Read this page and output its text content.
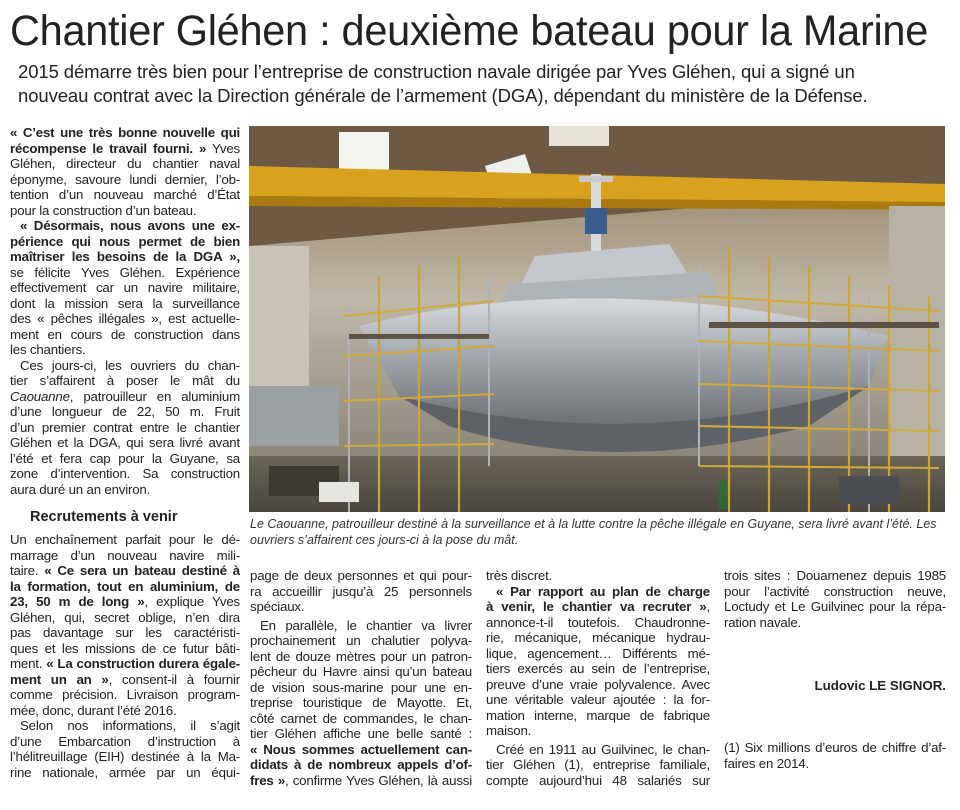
Chantier Gléhen : deuxième bateau pour la Marine
2015 démarre très bien pour l’entreprise de construction navale dirigée par Yves Gléhen, qui a signé un
nouveau contrat avec la Direction générale de l’armement (DGA), dépendant du ministère de la Défense.
« C’est une très bonne nouvelle qui
récompense le travail fourni. » Yves
Gléhen, directeur du chantier naval
éponyme, savoure lundi dernier, l’ob-
tention d’un nouveau marché d’État
pour la construction d’un bateau.
« Désormais, nous avons une ex-
périence qui nous permet de bien
maîtriser les besoins de la DGA »,
se félicite Yves Gléhen. Expérience
effectivement car un navire militaire,
dont la mission sera la surveillance
des « pêches illégales », est actuelle-
ment en cours de construction dans
les chantiers.
Ces jours-ci, les ouvriers du chan-
tier s’affairent à poser le mât du
Caouanne, patrouilleur en aluminium
d’une longueur de 22, 50 m. Fruit
d’un premier contrat entre le chantier
Gléhen et la DGA, qui sera livré avant
l’été et fera cap pour la Guyane, sa
zone d’intervention. Sa construction
aura duré un an environ.
Recrutements à venir
Un enchaînement parfait pour le dé-
marrage d’un nouveau navire mili-
taire. « Ce sera un bateau destiné à
la formation, tout en aluminium, de
23, 50 m de long », explique Yves
Gléhen, qui, secret oblige, n’en dira
pas davantage sur les caractéristi-
ques et les missions de ce futur bâti-
ment. « La construction durera égale-
ment un an », consent-il à fournir
comme précision. Livraison program-
mée, donc, durant l’été 2016.
Selon nos informations, il s’agit
d’une Embarcation d’instruction à
l’hélitreuillage (EIH) destinée à la Ma-
rine nationale, armée par un équi-
Le Caouanne, patrouilleur destiné à la surveillance et à la lutte contre la pêche illégale en Guyane, sera livré avant l’été. Les
ouvriers s’affairent ces jours-ci à la pose du mât.
page de deux personnes et qui pour-
ra accueillir jusqu’à 25 personnels
spéciaux.
En parallèle, le chantier va livrer
prochainement un chalutier polyva-
lent de douze mètres pour un patron-
pêcheur du Havre ainsi qu’un bateau
de vision sous-marine pour une en-
treprise touristique de Mayotte. Et,
côté carnet de commandes, le chan-
tier Gléhen affiche une belle santé :
« Nous sommes actuellement can-
didats à de nombreux appels d’of-
fres », confirme Yves Gléhen, là aussi
très discret.
« Par rapport au plan de charge
à venir, le chantier va recruter »,
annonce-t-il toutefois. Chaudronne-
rie, mécanique, mécanique hydrau-
lique, agencement… Différents mé-
tiers exercés au sein de l’entreprise,
preuve d’une vraie polyvalence. Avec
une véritable valeur ajoutée : la for-
mation interne, marque de fabrique
maison.
Créé en 1911 au Guilvinec, le chan-
tier Gléhen (1), entreprise familiale,
compte aujourd’hui 48 salariés sur
trois sites : Douarnenez depuis 1985
pour l’activité construction neuve,
Loctudy et Le Guilvinec pour la répa-
ration navale.
Ludovic LE SIGNOR.
(1) Six millions d’euros de chiffre d’af-
faires en 2014.
